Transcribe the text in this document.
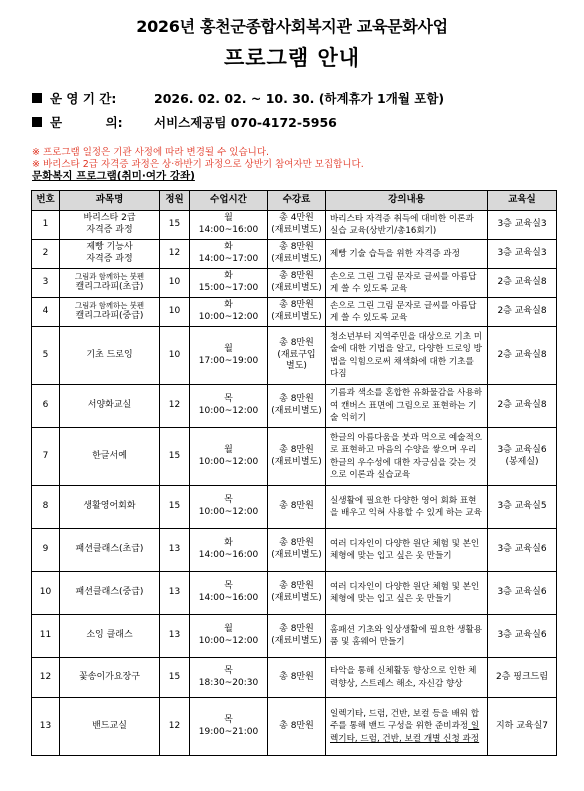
2026년 홍천군종합사회복지관 교육문화사업
프로그램 안내
운 영 기 간:	2026. 02. 02. ~ 10. 30. (하계휴가 1개월 포함)
문          의:	서비스제공팀 070-4172-5956
※ 프로그램 일정은 기관 사정에 따라 변경될 수 있습니다.
※ 바리스타 2급 자격증 과정은 상·하반기 과정으로 상반기 참여자만 모집합니다.
문화복지 프로그램(취미·여가 강좌)
번호	과목명	정원	수업시간	수강료	강의내용	교육실
1	바리스타 2급
자격증 과정	15	월
14:00~16:00	총 4만원
(재료비별도)	바리스타 자격증 취득에 대비한 이론과 실습 교육(상반기/총16회기)	3층 교육실3
2	제빵 기능사
자격증 과정	12	화
14:00~17:00	총 8만원
(재료비별도)	제빵 기술 습득을 위한 자격증 과정	3층 교육실3
3	그림과 함께하는 붓펜
캘리그라피(초급)	10	화
15:00~17:00	총 8만원
(재료비별도)	손으로 그린 그림 문자로 글씨를 아름답게 쓸 수 있도록 교육	2층 교육실8
4	그림과 함께하는 붓펜
캘리그라피(중급)	10	화
10:00~12:00	총 8만원
(재료비별도)	손으로 그린 그림 문자로 글씨를 아름답게 쓸 수 있도록 교육	2층 교육실8
5	기초 드로잉	10	월
17:00~19:00	총 8만원
(재료구입
별도)	청소년부터 지역주민을 대상으로 기초 미술에 대한 기법을 알고, 다양한 드로잉 방법을 익힘으로써 채색화에 대한 기초를 다짐	2층 교육실8
6	서양화교실	12	목
10:00~12:00	총 8만원
(재료비별도)	기름과 색소를 혼합한 유화물감을 사용하여 캔버스 표면에 그림으로 표현하는 기술 익히기	2층 교육실8
7	한글서예	15	월
10:00~12:00	총 8만원
(재료비별도)	한글의 아름다움을 붓과 먹으로 예술적으로 표현하고 마음의 수양을 쌓으며 우리 한글의 우수성에 대한 자긍심을 갖는 것으로 이론과 실습교육	3층 교육실6
(봉제실)
8	생활영어회화	15	목
10:00~12:00	총 8만원	실생활에 필요한 다양한 영어 회화 표현을 배우고 익혀 사용할 수 있게 하는 교육	3층 교육실5
9	패션클래스(초급)	13	화
14:00~16:00	총 8만원
(재료비별도)	여러 디자인이 다양한 원단 체험 및 본인 체형에 맞는 입고 싶은 옷 만들기	3층 교육실6
10	패션클래스(중급)	13	목
14:00~16:00	총 8만원
(재료비별도)	여러 디자인이 다양한 원단 체험 및 본인 체형에 맞는 입고 싶은 옷 만들기	3층 교육실6
11	소잉 클래스	13	월
10:00~12:00	총 8만원
(재료비별도)	홈패션 기초와 일상생활에 필요한 생활용품 및 홈웨어 만들기	3층 교육실6
12	꽃송이가요장구	15	목
18:30~20:30	총 8만원	타악을 통해 신체활동 향상으로 인한 체력향상, 스트레스 해소, 자신감 향상	2층 핑크드림
13	밴드교실	12	목
19:00~21:00	총 8만원	일렉기타, 드럼, 건반, 보컬 등을 배워 합주를 통해 밴드 구성을 위한 준비과정 일렉기타, 드럼, 건반, 보컬 개별 신청 과정	지하 교육실7
